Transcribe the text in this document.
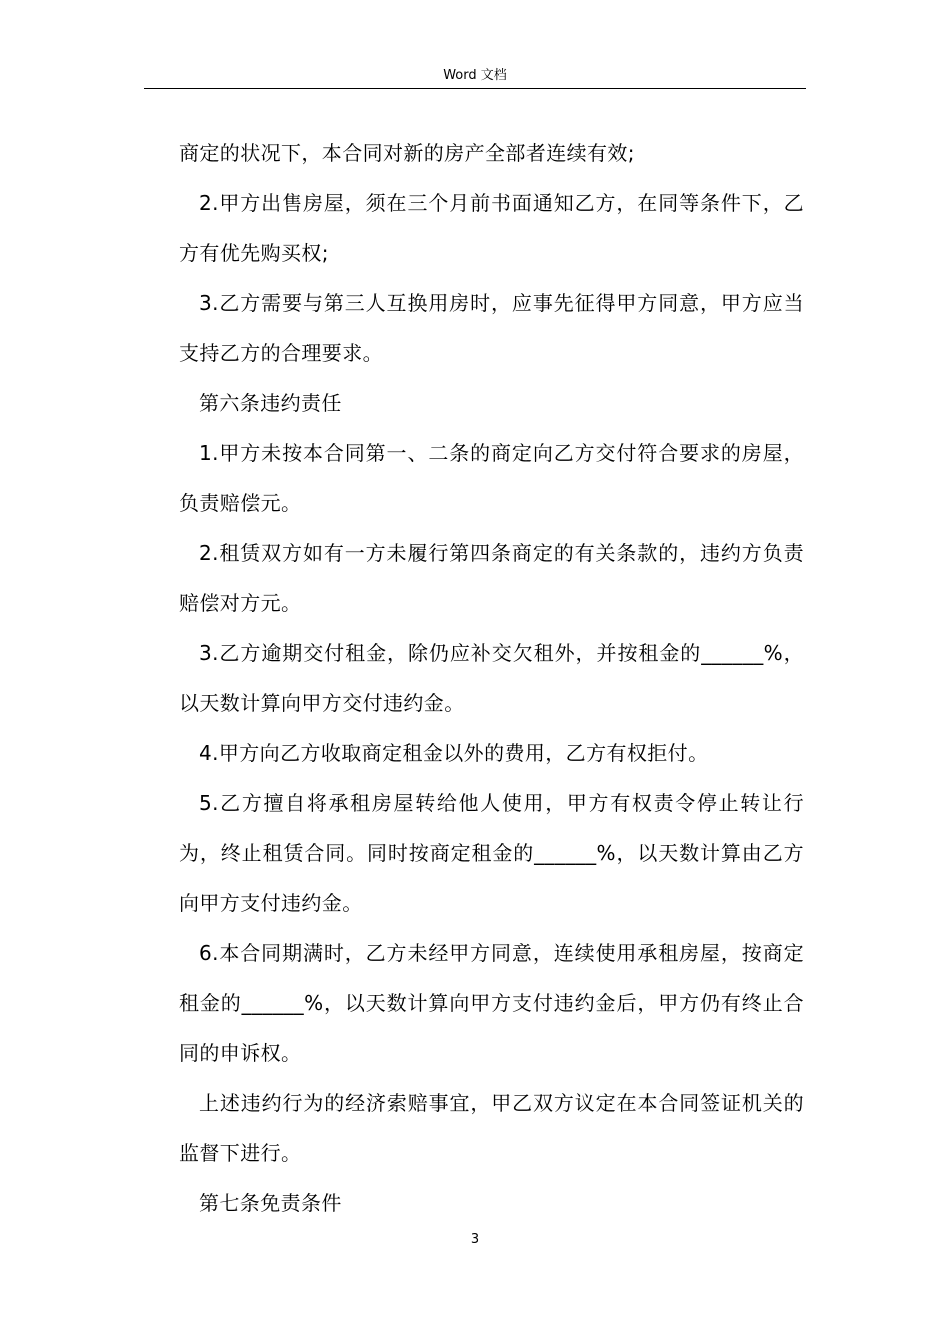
Word 文档

商定的状况下，本合同对新的房产全部者连续有效;

2.甲方出售房屋，须在三个月前书面通知乙方，在同等条件下，乙方有优先购买权;

3.乙方需要与第三人互换用房时，应事先征得甲方同意，甲方应当支持乙方的合理要求。

第六条违约责任

1.甲方未按本合同第一、二条的商定向乙方交付符合要求的房屋，负责赔偿元。

2.租赁双方如有一方未履行第四条商定的有关条款的，违约方负责赔偿对方元。

3.乙方逾期交付租金，除仍应补交欠租外，并按租金的______%，以天数计算向甲方交付违约金。

4.甲方向乙方收取商定租金以外的费用，乙方有权拒付。

5.乙方擅自将承租房屋转给他人使用，甲方有权责令停止转让行为，终止租赁合同。同时按商定租金的______%，以天数计算由乙方向甲方支付违约金。

6.本合同期满时，乙方未经甲方同意，连续使用承租房屋，按商定租金的______%，以天数计算向甲方支付违约金后，甲方仍有终止合同的申诉权。

上述违约行为的经济索赔事宜，甲乙双方议定在本合同签证机关的监督下进行。

第七条免责条件

3
